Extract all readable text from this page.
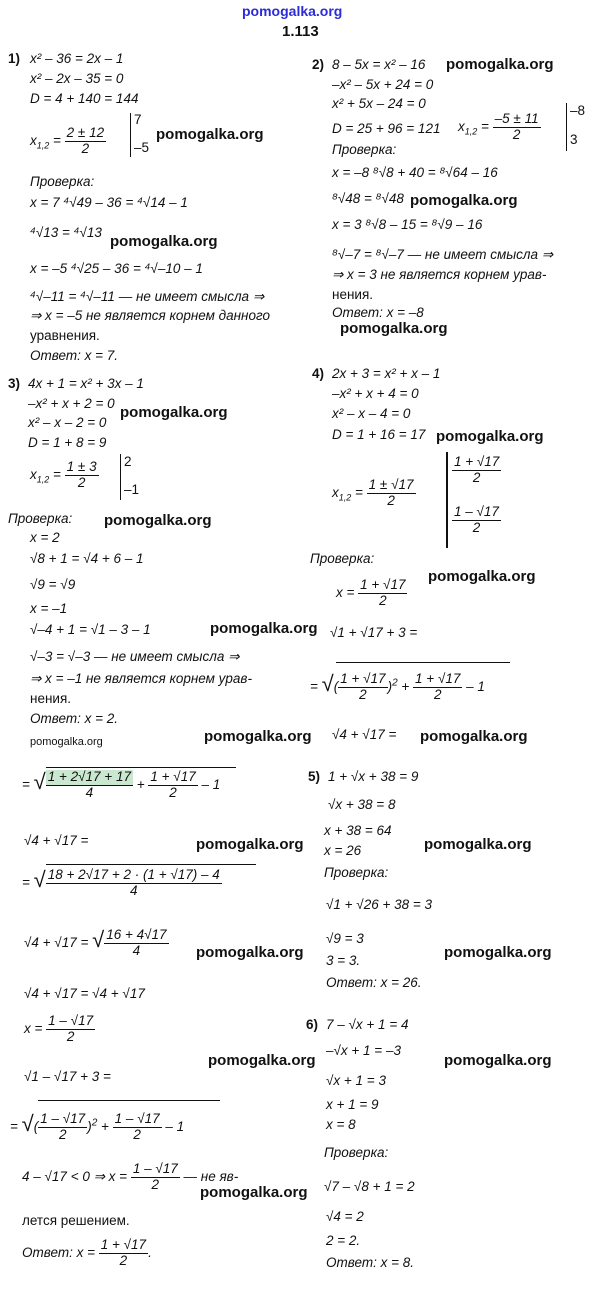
pomogalka.org
1.113
1) x² – 36 = 2x – 1
x² – 2x – 35 = 0
D = 4 + 140 = 144
$x_{1,2} = \frac{2 \pm 12}{2}$
7
–5
Проверка:
x = 7 ⁴√49 – 36 = ⁴√14 – 1
⁴√13 = ⁴√13
x = –5 ⁴√25 – 36 = ⁴√–10 – 1
⁴√–11 = ⁴√–11 — не имеет смысла ⇒
⇒ x = –5 не является корнем данного
уравнения.
Ответ: x = 7.
2) 8 – 5x = x² – 16
–x² – 5x + 24 = 0
x² + 5x – 24 = 0
D = 25 + 96 = 121 $x_{1,2} = \frac{-5 \pm 11}{2}$
–8
3
Проверка:
x = –8 ⁸√8 + 40 = ⁸√64 – 16
⁸√48 = ⁸√48
x = 3 ⁸√8 – 15 = ⁸√9 – 16
⁸√–7 = ⁸√–7 — не имеет смысла ⇒
⇒ x = 3 не является корнем урав-
нения.
Ответ: x = –8
3) 4x + 1 = x² + 3x – 1
–x² + x + 2 = 0
x² – x – 2 = 0
D = 1 + 8 = 9
$x_{1,2} = \frac{1 \pm 3}{2} 2$
–1
Проверка:
x = 2
√8 + 1 = √4 + 6 – 1
√9 = √9
x = –1
√–4 + 1 = √1 – 3 – 1
√–3 = √–3 — не имеет смысла ⇒
⇒ x = –1 не является корнем урав-
нения.
Ответ: x = 2.
4) 2x + 3 = x² + x – 1
–x² + x + 4 = 0
x² – x – 4 = 0
D = 1 + 16 = 17
$x_{1,2} = \frac{1 \pm √17}{2}$
$\frac{1 + √17}{2}$
$\frac{1 - √17}{2}$
Проверка:
$x = \frac{1 + √17}{2}$
√1 + √17 + 3 =
= √( $\frac{1 + √17}{2} )^2 + \frac{1 + √17}{2} - 1$
√4 + √17 =
= √ $\frac{1 + 2√17 + 17}{4} + \frac{1 + √17}{2} - 1$
√4 + √17 =
= √ $\frac{18 + 2√17 + 2 \cdot (1 + √17) - 4}{4}$
√4 + √17 = √ $\frac{16 + 4√17}{4}$
√4 + √17 = √4 + √17
$x = \frac{1 - √17}{2}$
√1 – √17 + 3 =
= √( $\frac{1 - √17}{2} )^2 + \frac{1 - √17}{2} - 1$
4 – √17 < 0 ⇒ $x = \frac{1 - √17}{2}$ — не яв-
лется решением.
Ответ: $x = \frac{1 + √17}{2}$ .
5) 1 + √x + 38 = 9
√x + 38 = 8
x + 38 = 64
x = 26
Проверка:
√1 + √26 + 38 = 3
√9 = 3
3 = 3.
Ответ: x = 26.
6) 7 – √x + 1 = 4
–√x + 1 = –3
√x + 1 = 3
x + 1 = 9
x = 8
Проверка:
√7 – √8 + 1 = 2
√4 = 2
2 = 2.
Ответ: x = 8.
pomogalka.org
pomogalka.org
pomogalka.org
pomogalka.org
pomogalka.org
pomogalka.org
pomogalka.org
pomogalka.org
pomogalka.org
pomogalka.org
pomogalka.org	pomogalka.org
pomogalka.org
pomogalka.org	pomogalka.org
pomogalka.org	pomogalka.org
pomogalka.org	pomogalka.org
pomogalka.org
